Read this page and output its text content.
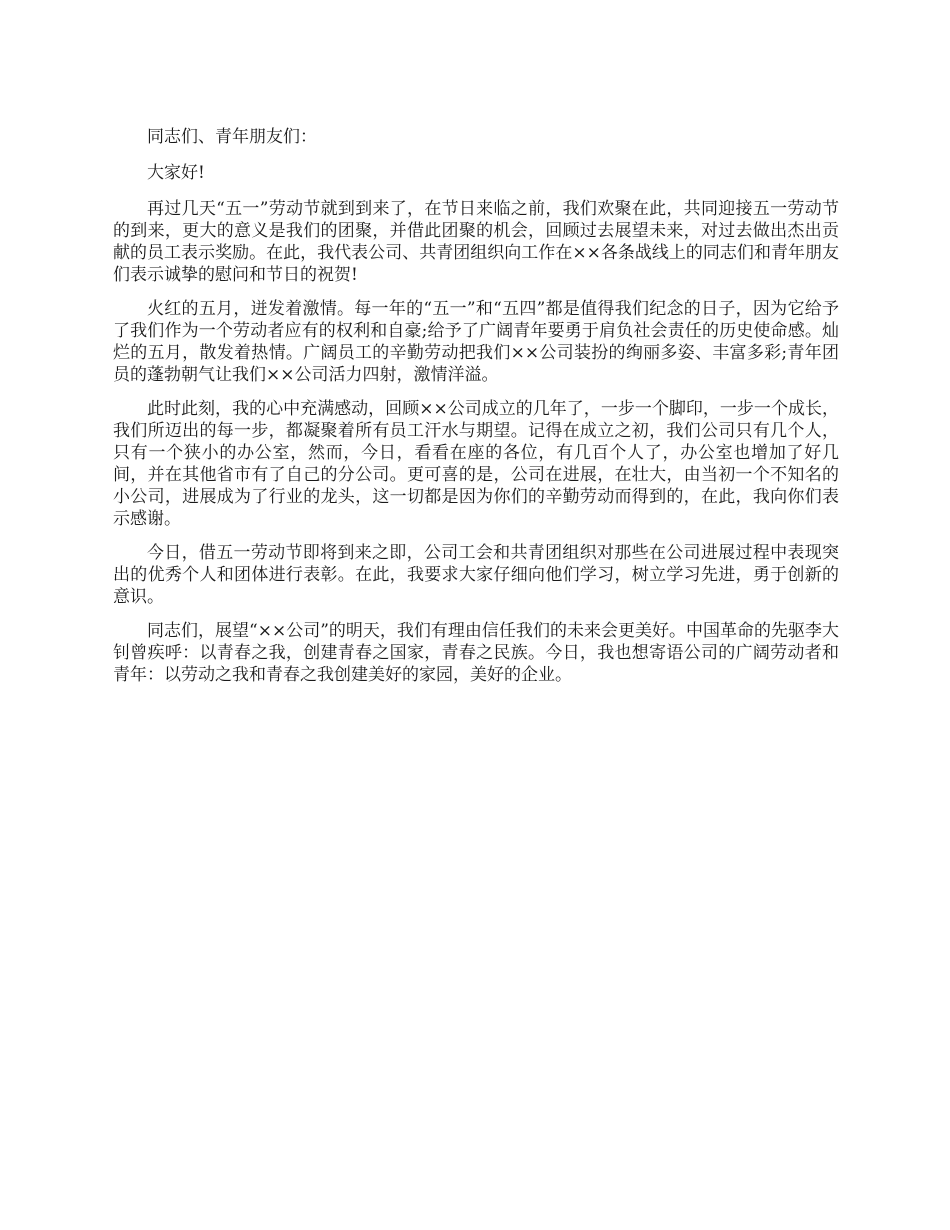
同志们、青年朋友们：

大家好!

再过几天“五一”劳动节就到到来了，在节日来临之前，我们欢聚在此，共同迎接五一劳动节的到来，更大的意义是我们的团聚，并借此团聚的机会，回顾过去展望未来，对过去做出杰出贡献的员工表示奖励。在此，我代表公司、共青团组织向工作在××各条战线上的同志们和青年朋友们表示诚挚的慰问和节日的祝贺!

火红的五月，迸发着激情。每一年的“五一”和“五四”都是值得我们纪念的日子，因为它给予了我们作为一个劳动者应有的权利和自豪;给予了广阔青年要勇于肩负社会责任的历史使命感。灿烂的五月，散发着热情。广阔员工的辛勤劳动把我们××公司装扮的绚丽多姿、丰富多彩;青年团员的蓬勃朝气让我们××公司活力四射，激情洋溢。

此时此刻，我的心中充满感动，回顾××公司成立的几年了，一步一个脚印，一步一个成长，我们所迈出的每一步，都凝聚着所有员工汗水与期望。记得在成立之初，我们公司只有几个人，只有一个狭小的办公室，然而，今日，看看在座的各位，有几百个人了，办公室也增加了好几间，并在其他省市有了自己的分公司。更可喜的是，公司在进展，在壮大，由当初一个不知名的小公司，进展成为了行业的龙头，这一切都是因为你们的辛勤劳动而得到的，在此，我向你们表示感谢。

今日，借五一劳动节即将到来之即，公司工会和共青团组织对那些在公司进展过程中表现突出的优秀个人和团体进行表彰。在此，我要求大家仔细向他们学习，树立学习先进，勇于创新的意识。

同志们，展望“××公司”的明天，我们有理由信任我们的未来会更美好。中国革命的先驱李大钊曾疾呼：以青春之我，创建青春之国家，青春之民族。今日，我也想寄语公司的广阔劳动者和青年：以劳动之我和青春之我创建美好的家园，美好的企业。
